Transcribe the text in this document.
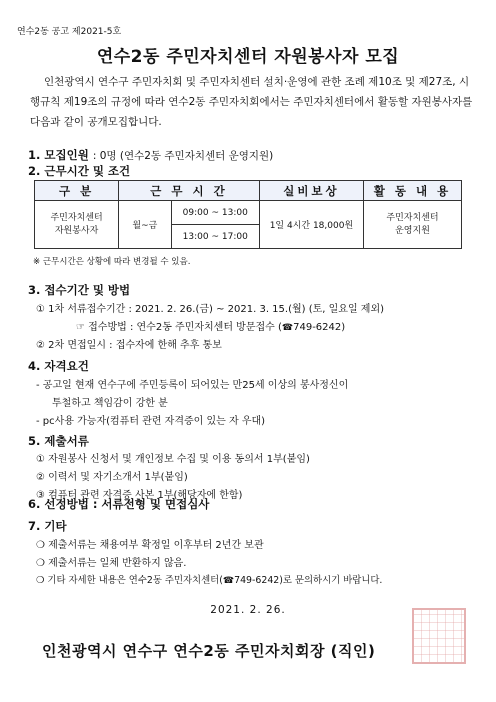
연수2동 공고 제2021-5호
연수2동 주민자치센터 자원봉사자 모집
인천광역시 연수구 주민자치회 및 주민자치센터 설치·운영에 관한 조례 제10조 및 제27조, 시행규칙 제19조의 규정에 따라 연수2동 주민자치회에서는 주민자치센터에서 활동할 자원봉사자를 다음과 같이 공개모집합니다.
1. 모집인원 : 0명 (연수2동 주민자치센터 운영지원)
2. 근무시간 및 조건
구 분	근 무 시 간		실비보상	활 동 내 용
주민자치센터
자원봉사자	월~금	09:00 ~ 13:00	1일 4시간 18,000원	주민자치센터
운영지원
		13:00 ~ 17:00		
※ 근무시간은 상황에 따라 변경될 수 있음.
3. 접수기간 및 방법
① 1차 서류접수기간 : 2021. 2. 26.(금) ~ 2021. 3. 15.(월) (토, 일요일 제외)
☞ 접수방법 : 연수2동 주민자치센터 방문접수 (☎749-6242)
② 2차 면접일시 : 접수자에 한해 추후 통보
4. 자격요건
- 공고일 현재 연수구에 주민등록이 되어있는 만25세 이상의 봉사정신이
투철하고 책임감이 강한 분
- pc사용 가능자(컴퓨터 관련 자격증이 있는 자 우대)
5. 제출서류
① 자원봉사 신청서 및 개인정보 수집 및 이용 동의서 1부(붙임)
② 이력서 및 자기소개서 1부(붙임)
③ 컴퓨터 관련 자격증 사본 1부(해당자에 한함)
6. 선정방법 : 서류전형 및 면접심사
7. 기타
❍ 제출서류는 채용여부 확정일 이후부터 2년간 보관
❍ 제출서류는 일체 반환하지 않음.
❍ 기타 자세한 내용은 연수2동 주민자치센터(☎749-6242)로 문의하시기 바랍니다.
2021. 2. 26.
인천광역시 연수구 연수2동 주민자치회장 (직인)
